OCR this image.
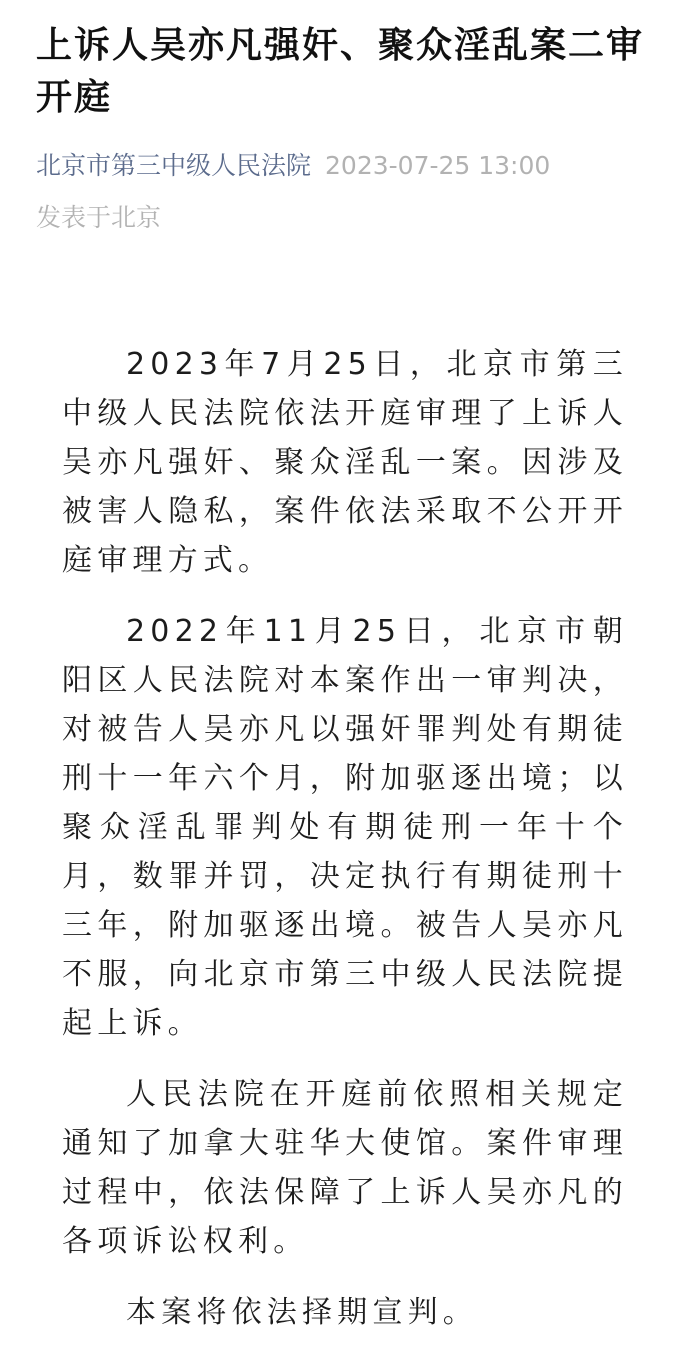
上诉人吴亦凡强奸、聚众淫乱案二审开庭
北京市第三中级人民法院 2023-07-25 13:00
发表于北京

2023年7月25日，北京市第三中级人民法院依法开庭审理了上诉人吴亦凡强奸、聚众淫乱一案。因涉及被害人隐私，案件依法采取不公开开庭审理方式。

2022年11月25日，北京市朝阳区人民法院对本案作出一审判决，对被告人吴亦凡以强奸罪判处有期徒刑十一年六个月，附加驱逐出境；以聚众淫乱罪判处有期徒刑一年十个月，数罪并罚，决定执行有期徒刑十三年，附加驱逐出境。被告人吴亦凡不服，向北京市第三中级人民法院提起上诉。

人民法院在开庭前依照相关规定通知了加拿大驻华大使馆。案件审理过程中，依法保障了上诉人吴亦凡的各项诉讼权利。

本案将依法择期宣判。
